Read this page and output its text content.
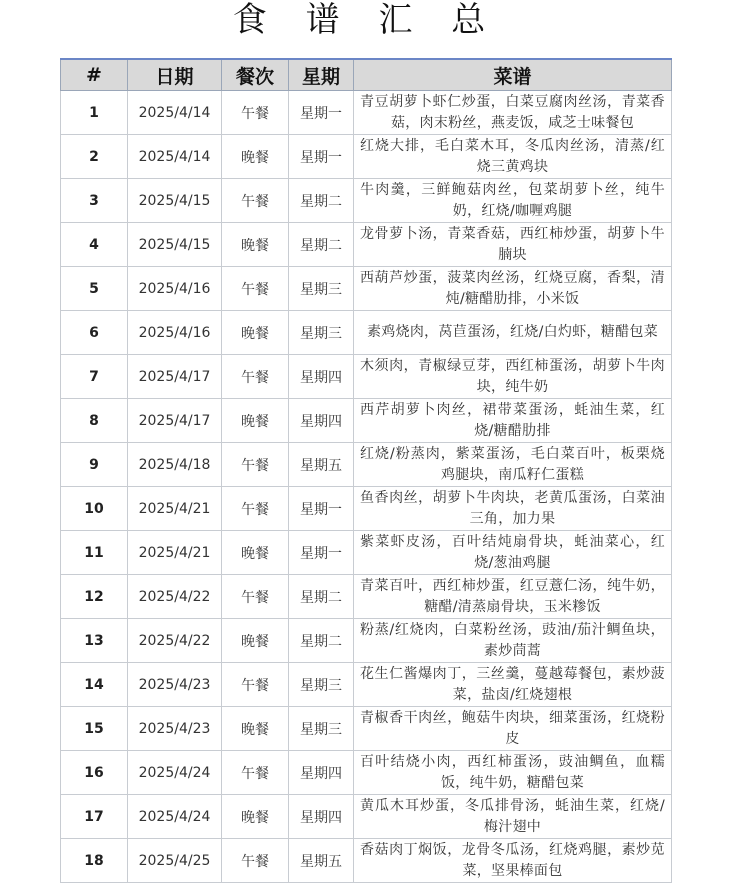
食 谱 汇 总
#	日期	餐次	星期	菜谱
1	2025/4/14	午餐	星期一	青豆胡萝卜虾仁炒蛋，白菜豆腐肉丝汤，青菜香菇，肉末粉丝，燕麦饭，咸芝士味餐包

2	2025/4/14	晚餐	星期一	红烧大排，毛白菜木耳，冬瓜肉丝汤，清蒸/红烧三黄鸡块

3	2025/4/15	午餐	星期二	牛肉羹，三鲜鲍菇肉丝，包菜胡萝卜丝，纯牛奶，红烧/咖喱鸡腿

4	2025/4/15	晚餐	星期二	龙骨萝卜汤，青菜香菇，西红柿炒蛋，胡萝卜牛腩块

5	2025/4/16	午餐	星期三	西葫芦炒蛋，菠菜肉丝汤，红烧豆腐，香梨，清炖/糖醋肋排，小米饭

6	2025/4/16	晚餐	星期三	素鸡烧肉，莴苣蛋汤，红烧/白灼虾，糖醋包菜

7	2025/4/17	午餐	星期四	木须肉，青椒绿豆芽，西红柿蛋汤，胡萝卜牛肉块，纯牛奶

8	2025/4/17	晚餐	星期四	西芹胡萝卜肉丝，裙带菜蛋汤，蚝油生菜，红烧/糖醋肋排

9	2025/4/18	午餐	星期五	红烧/粉蒸肉，紫菜蛋汤，毛白菜百叶，板栗烧鸡腿块，南瓜籽仁蛋糕

10	2025/4/21	午餐	星期一	鱼香肉丝，胡萝卜牛肉块，老黄瓜蛋汤，白菜油三角，加力果

11	2025/4/21	晚餐	星期一	紫菜虾皮汤，百叶结炖扇骨块，蚝油菜心，红烧/葱油鸡腿

12	2025/4/22	午餐	星期二	青菜百叶，西红柿炒蛋，红豆薏仁汤，纯牛奶，糖醋/清蒸扇骨块，玉米糁饭

13	2025/4/22	晚餐	星期二	粉蒸/红烧肉，白菜粉丝汤，豉油/茄汁鲷鱼块，素炒茼蒿

14	2025/4/23	午餐	星期三	花生仁酱爆肉丁，三丝羹，蔓越莓餐包，素炒菠菜，盐卤/红烧翅根

15	2025/4/23	晚餐	星期三	青椒香干肉丝，鲍菇牛肉块，细菜蛋汤，红烧粉皮

16	2025/4/24	午餐	星期四	百叶结烧小肉，西红柿蛋汤，豉油鲷鱼，血糯饭，纯牛奶，糖醋包菜

17	2025/4/24	晚餐	星期四	黄瓜木耳炒蛋，冬瓜排骨汤，蚝油生菜，红烧/梅汁翅中

18	2025/4/25	午餐	星期五	香菇肉丁焖饭，龙骨冬瓜汤，红烧鸡腿，素炒苋菜，坚果棒面包
